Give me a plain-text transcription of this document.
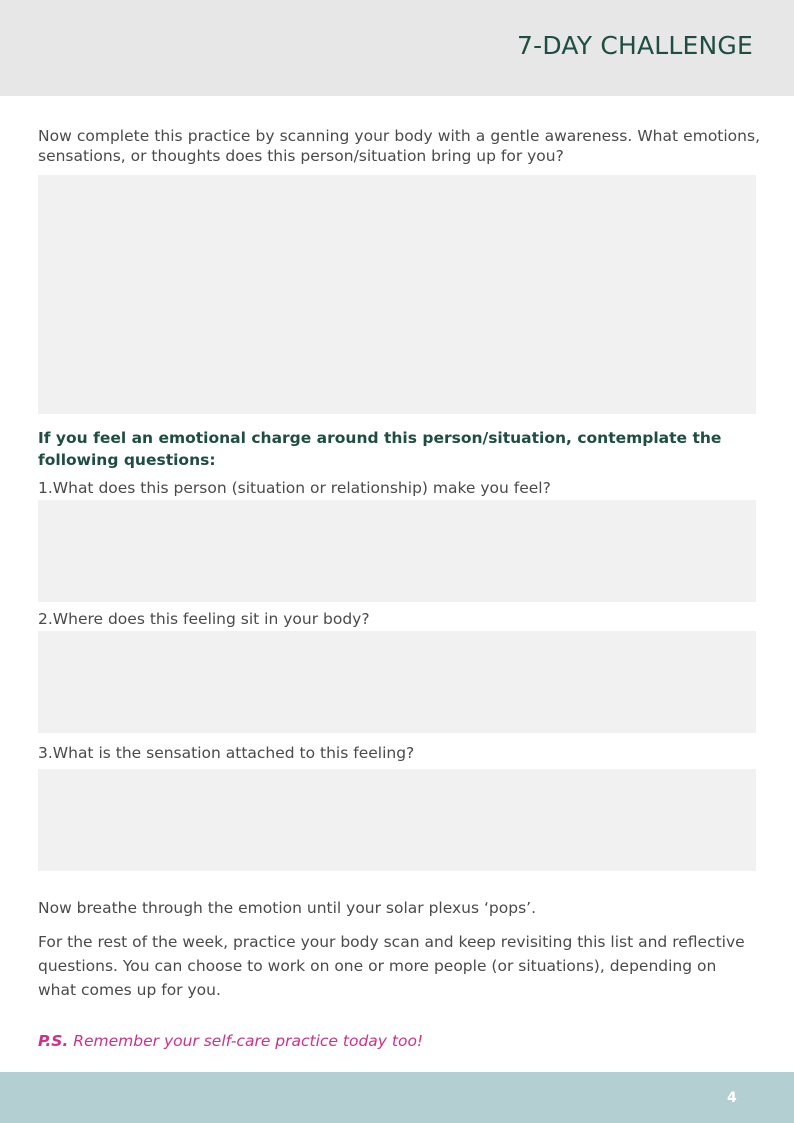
7-DAY CHALLENGE

Now complete this practice by scanning your body with a gentle awareness. What emotions, sensations, or thoughts does this person/situation bring up for you?

If you feel an emotional charge around this person/situation, contemplate the following questions:

1.What does this person (situation or relationship) make you feel?

2.Where does this feeling sit in your body?

3.What is the sensation attached to this feeling?

Now breathe through the emotion until your solar plexus ‘pops’.

For the rest of the week, practice your body scan and keep revisiting this list and reflective questions. You can choose to work on one or more people (or situations), depending on what comes up for you.

P.S. Remember your self-care practice today too!

4
